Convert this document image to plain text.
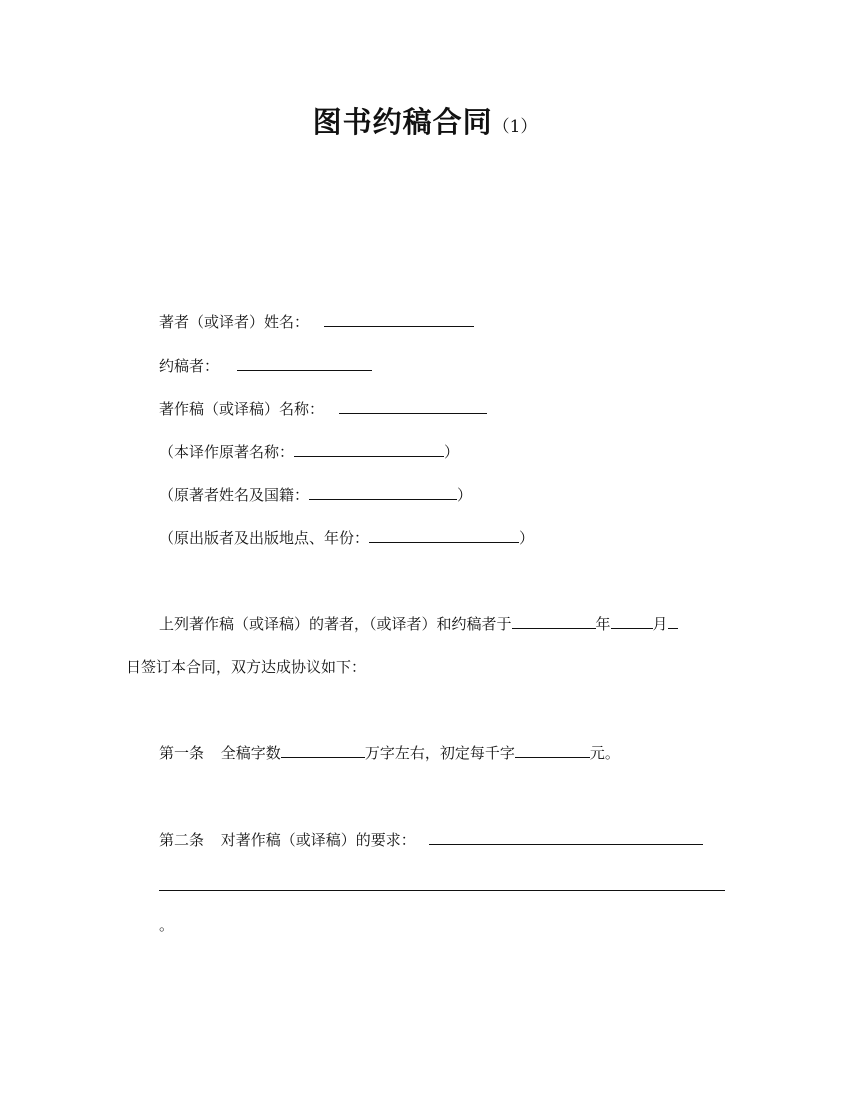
图书约稿合同（1）
著者（或译者）姓名：
约稿者：
著作稿（或译稿）名称：
（本译作原著名称：	）
（原著者姓名及国籍：	）
（原出版者及出版地点、年份：	）
上列著作稿（或译稿）的著者，（或译者）和约稿者于	年	月
日签订本合同，双方达成协议如下：
第一条 全稿字数	万字左右，初定每千字	元。
第二条 对著作稿（或译稿）的要求：
。
